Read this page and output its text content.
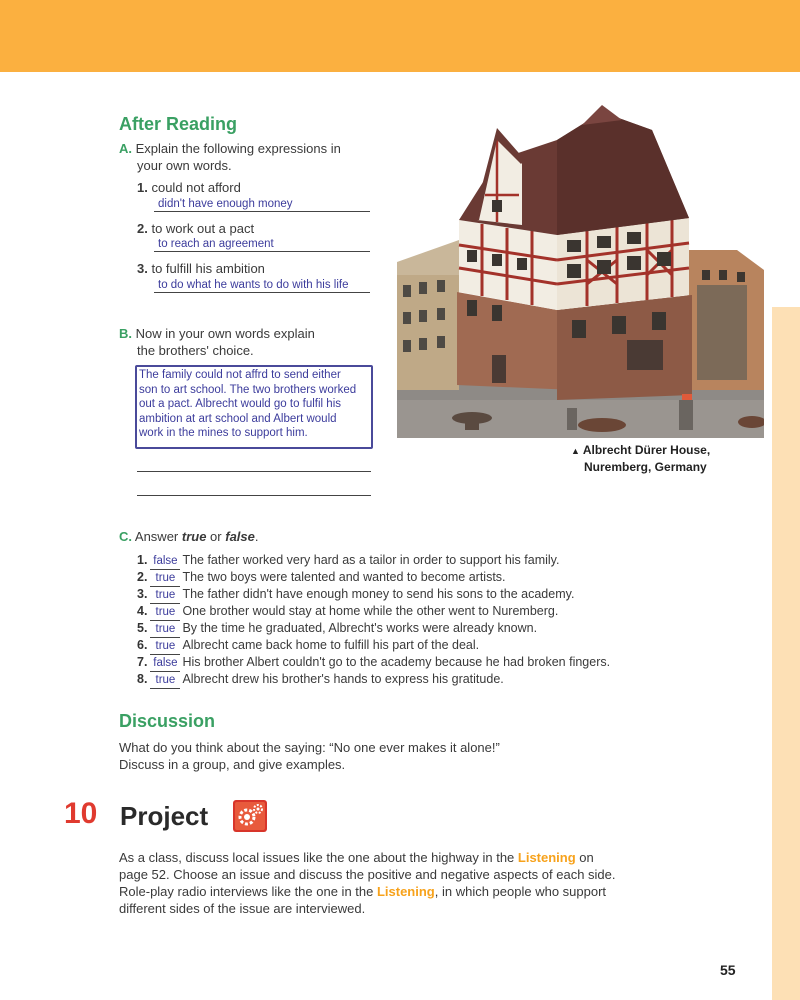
After Reading
A. Explain the following expressions in
your own words.
1. could not afford
didn't have enough money
2. to work out a pact
to reach an agreement
3. to fulfill his ambition
to do what he wants to do with his life
B. Now in your own words explain
the brothers' choice.
The family could not affrd to send either
son to art school. The two brothers worked
out a pact. Albrecht would go to fulfil his
ambition at art school and Albert would
work in the mines to support him.
▲ Albrecht Dürer House,
Nuremberg, Germany
C. Answer true or false.
1. false The father worked very hard as a tailor in order to support his family.
2. true The two boys were talented and wanted to become artists.
3. true The father didn't have enough money to send his sons to the academy.
4. true One brother would stay at home while the other went to Nuremberg.
5. true By the time he graduated, Albrecht's works were already known.
6. true Albrecht came back home to fulfill his part of the deal.
7. false His brother Albert couldn't go to the academy because he had broken fingers.
8. true Albrecht drew his brother's hands to express his gratitude.
Discussion
What do you think about the saying: “No one ever makes it alone!”
Discuss in a group, and give examples.
10 Project
As a class, discuss local issues like the one about the highway in the Listening on
page 52. Choose an issue and discuss the positive and negative aspects of each side.
Role-play radio interviews like the one in the Listening, in which people who support
different sides of the issue are interviewed.
55
